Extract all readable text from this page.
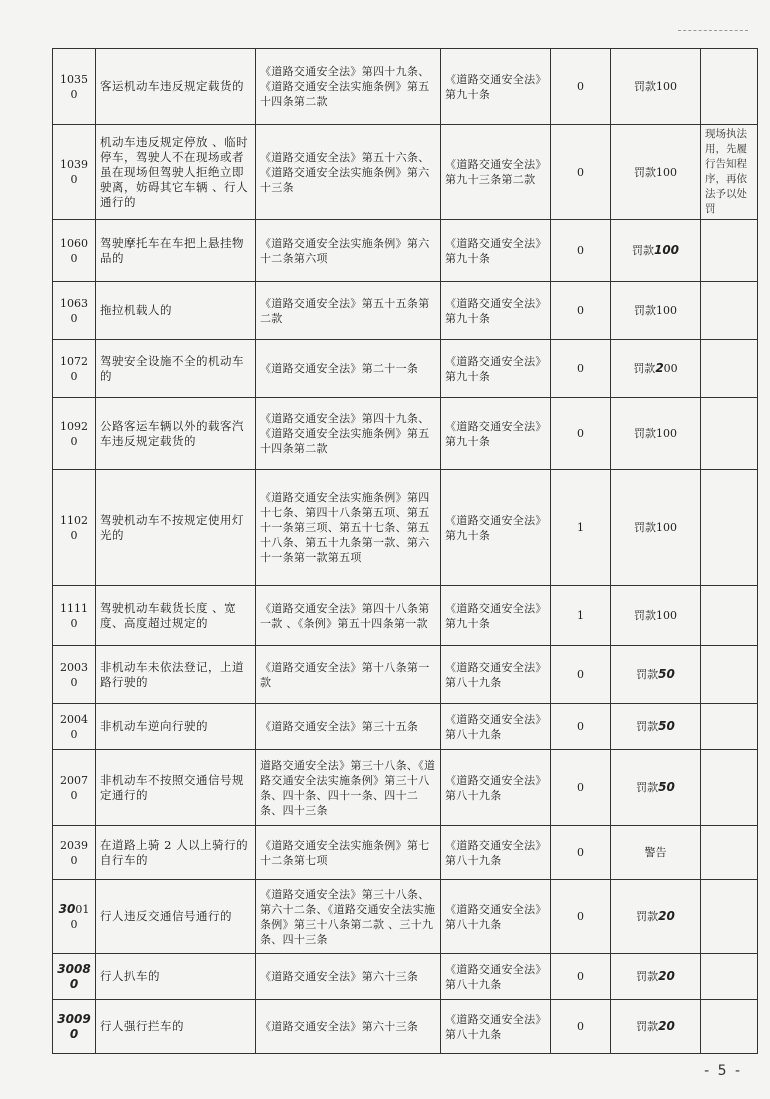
10350	客运机动车违反规定载货的	《道路交通安全法》第四十九条、《道路交通安全法实施条例》第五十四条第二款	《道路交通安全法》第九十条	0	罚款100	
10390	机动车违反规定停放 、临时停车，驾驶人不在现场或者虽在现场但驾驶人拒绝立即驶离，妨碍其它车辆 、行人通行的	《道路交通安全法》第五十六条、《道路交通安全法实施条例》第六十三条	《道路交通安全法》第九十三条第二款	0	罚款100	现场执法用，先履行告知程序，再依法予以处罚
10600	驾驶摩托车在车把上悬挂物品的	《道路交通安全法实施条例》第六十二条第六项	《道路交通安全法》第九十条	0	罚款100	
10630	拖拉机载人的	《道路交通安全法》第五十五条第二款	《道路交通安全法》第九十条	0	罚款100	
10720	驾驶安全设施不全的机动车的	《道路交通安全法》第二十一条	《道路交通安全法》第九十条	0	罚款200	
10920	公路客运车辆以外的载客汽车违反规定载货的	《道路交通安全法》第四十九条、《道路交通安全法实施条例》第五十四条第二款	《道路交通安全法》第九十条	0	罚款100	
11020	驾驶机动车不按规定使用灯光的	《道路交通安全法实施条例》第四十七条、第四十八条第五项、第五十一条第三项、第五十七条、第五十八条、第五十九条第一款、第六十一条第一款第五项	《道路交通安全法》第九十条	1	罚款100	
11110	驾驶机动车载货长度 、宽度、高度超过规定的	《道路交通安全法》第四十八条第一款 、《条例》第五十四条第一款	《道路交通安全法》第九十条	1	罚款100	
20030	非机动车未依法登记，上道路行驶的	《道路交通安全法》第十八条第一款	《道路交通安全法》第八十九条	0	罚款50	
20040	非机动车逆向行驶的	《道路交通安全法》第三十五条	《道路交通安全法》第八十九条	0	罚款50	
20070	非机动车不按照交通信号规定通行的	道路交通安全法》第三十八条、《道路交通安全法实施条例》第三十八条、四十条、四十一条、四十二条、四十三条	《道路交通安全法》第八十九条	0	罚款50	
20390	在道路上骑 2 人以上骑行的自行车的	《道路交通安全法实施条例》第七十二条第七项	《道路交通安全法》第八十九条	0	警告	
30010	行人违反交通信号通行的	《道路交通安全法》第三十八条、第六十二条、《道路交通安全法实施条例》第三十八条第二款 、三十九条、四十三条	《道路交通安全法》第八十九条	0	罚款20	
30080	行人扒车的	《道路交通安全法》第六十三条	《道路交通安全法》第八十九条	0	罚款20	
30090	行人强行拦车的	《道路交通安全法》第六十三条	《道路交通安全法》第八十九条	0	罚款20	
- 5 -
